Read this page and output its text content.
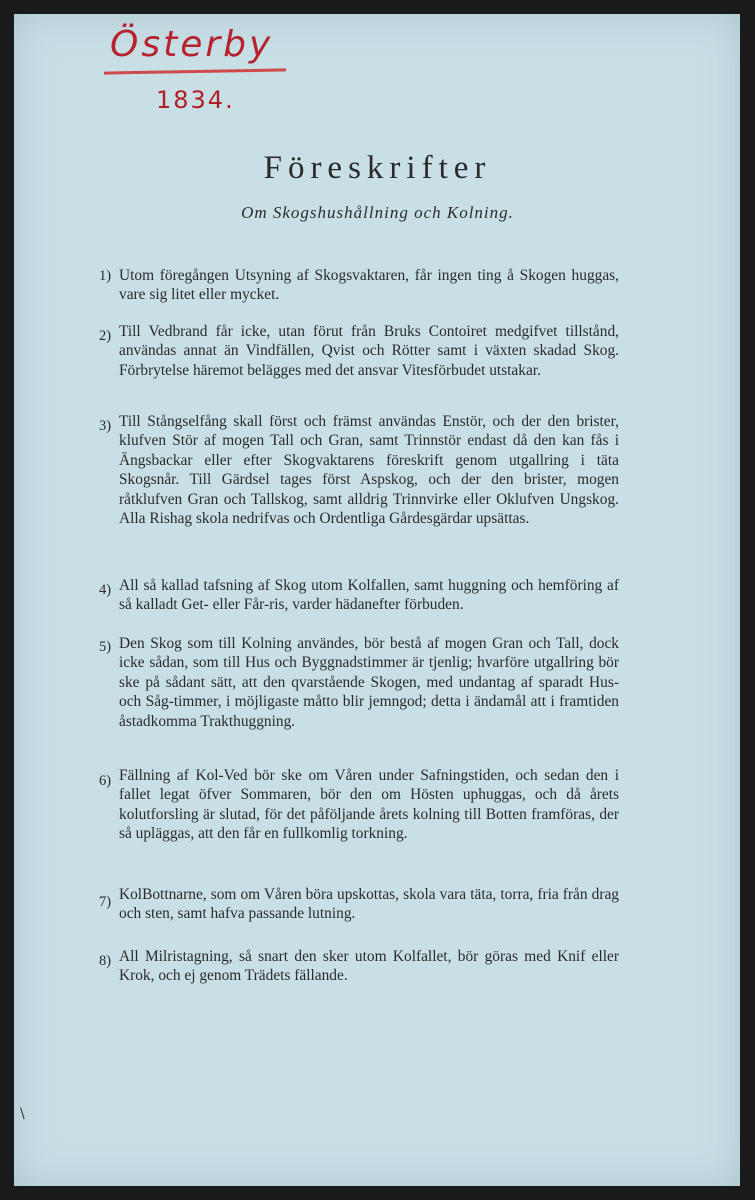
Österby
1834.
Föreskrifter
Om Skogshushållning och Kolning.
1) Utom föregången Utsyning af Skogsvaktaren, får ingen ting å Skogen huggas, vare sig litet eller mycket.
2) Till Vedbrand får icke, utan förut från Bruks Contoiret medgifvet tillstånd, användas annat än Vindfällen, Qvist och Rötter samt i växten skadad Skog. Förbrytelse häremot belägges med det ansvar Vitesförbudet utstakar.
3) Till Stångselfång skall först och främst användas Enstör, och der den brister, klufven Stör af mogen Tall och Gran, samt Trinnstör endast då den kan fås i Ängsbackar eller efter Skogvaktarens föreskrift genom utgallring i täta Skogsnår. Till Gärdsel tages först Aspskog, och der den brister, mogen råtklufven Gran och Tallskog, samt alldrig Trinnvirke eller Oklufven Ungskog. Alla Rishag skola nedrifvas och Ordentliga Gårdesgärdar upsättas.
4) All så kallad tafsning af Skog utom Kolfallen, samt huggning och hemföring af så kalladt Get- eller Får-ris, varder hädanefter förbuden.
5) Den Skog som till Kolning användes, bör bestå af mogen Gran och Tall, dock icke sådan, som till Hus och Byggnadstimmer är tjenlig; hvarföre utgallring bör ske på sådant sätt, att den qvarstående Skogen, med undantag af sparadt Hus- och Såg-timmer, i möjligaste måtto blir jemngod; detta i ändamål att i framtiden åstadkomma Trakthuggning.
6) Fällning af Kol-Ved bör ske om Våren under Safningstiden, och sedan den i fallet legat öfver Sommaren, bör den om Hösten uphuggas, och då årets kolutforsling är slutad, för det påföljande årets kolning till Botten framföras, der så upläggas, att den får en fullkomlig torkning.
7) KolBottnarne, som om Våren böra upskottas, skola vara täta, torra, fria från drag och sten, samt hafva passande lutning.
8) All Milristagning, så snart den sker utom Kolfallet, bör göras med Knif eller Krok, och ej genom Trädets fällande.
\
